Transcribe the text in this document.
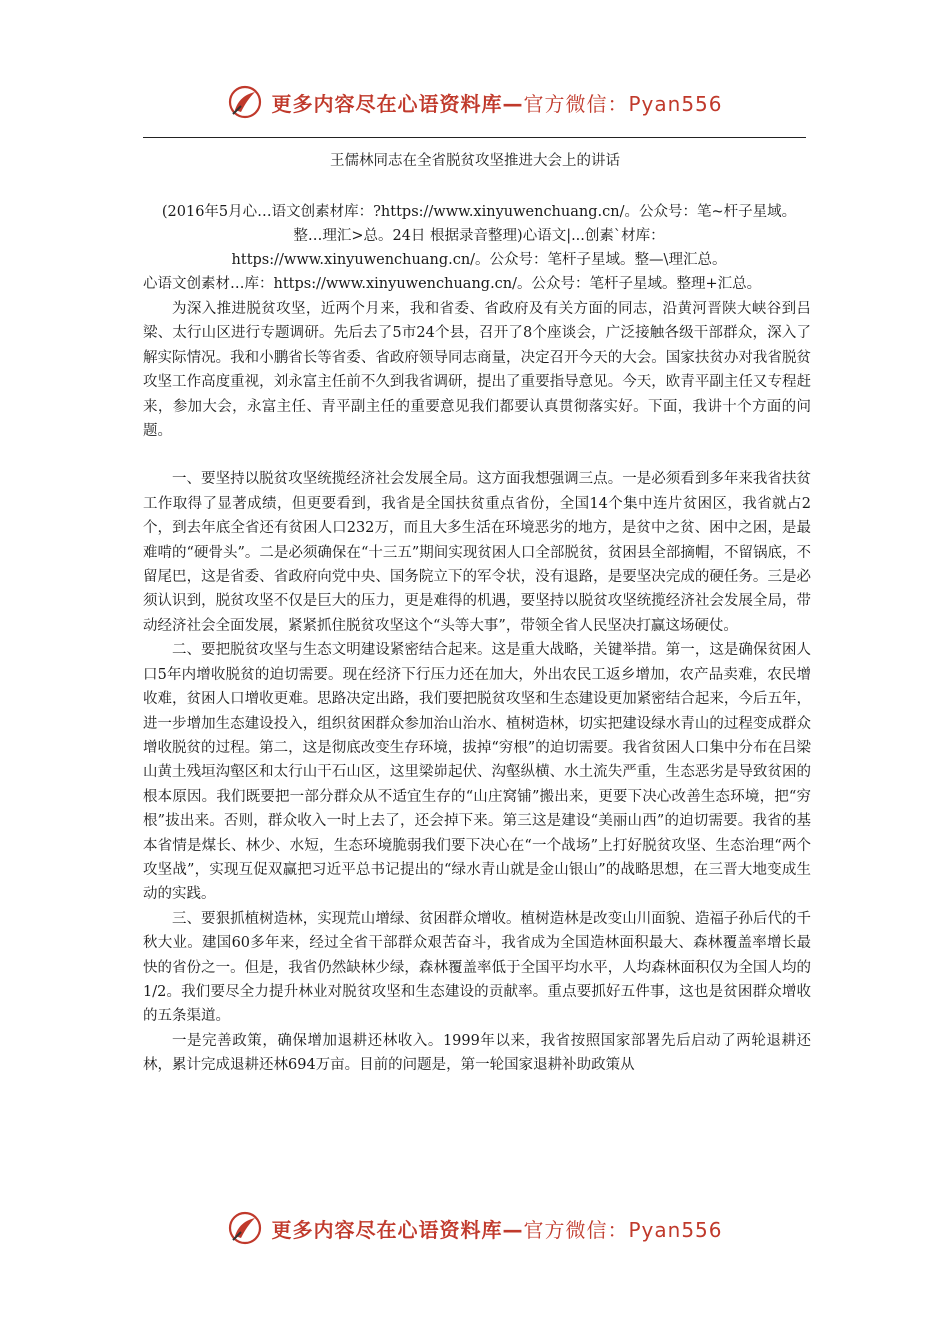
更多内容尽在心语资料库—官方微信：Pyan556
王儒林同志在全省脱贫攻坚推进大会上的讲话
(2016年5月心…语文创素材库：?https://www.xinyuwenchuang.cn/。公众号：笔~杆子星域。
整…理汇>总。24日 根据录音整理)心语文|...创素`材库：
https://www.xinyuwenchuang.cn/。公众号：笔杆子星域。整—\理汇总。
心语文创素材…库：https://www.xinyuwenchuang.cn/。公众号：笔杆子星域。整理+汇总。

为深入推进脱贫攻坚，近两个月来，我和省委、省政府及有关方面的同志，沿黄河晋陕大峡谷到吕梁、太行山区进行专题调研。先后去了5市24个县，召开了8个座谈会，广泛接触各级干部群众，深入了解实际情况。我和小鹏省长等省委、省政府领导同志商量，决定召开今天的大会。国家扶贫办对我省脱贫攻坚工作高度重视，刘永富主任前不久到我省调研，提出了重要指导意见。今天，欧青平副主任又专程赶来，参加大会，永富主任、青平副主任的重要意见我们都要认真贯彻落实好。下面，我讲十个方面的问题。

一、要坚持以脱贫攻坚统揽经济社会发展全局。这方面我想强调三点。一是必须看到多年来我省扶贫工作取得了显著成绩，但更要看到，我省是全国扶贫重点省份，全国14个集中连片贫困区，我省就占2个，到去年底全省还有贫困人口232万，而且大多生活在环境恶劣的地方，是贫中之贫、困中之困，是最难啃的“硬骨头”。二是必须确保在“十三五”期间实现贫困人口全部脱贫，贫困县全部摘帽，不留锅底，不留尾巴，这是省委、省政府向党中央、国务院立下的军令状，没有退路，是要坚决完成的硬任务。三是必须认识到，脱贫攻坚不仅是巨大的压力，更是难得的机遇，要坚持以脱贫攻坚统揽经济社会发展全局，带动经济社会全面发展，紧紧抓住脱贫攻坚这个“头等大事”，带领全省人民坚决打赢这场硬仗。

二、要把脱贫攻坚与生态文明建设紧密结合起来。这是重大战略，关键举措。第一，这是确保贫困人口5年内增收脱贫的迫切需要。现在经济下行压力还在加大，外出农民工返乡增加，农产品卖难，农民增收难，贫困人口增收更难。思路决定出路，我们要把脱贫攻坚和生态建设更加紧密结合起来，今后五年，进一步增加生态建设投入，组织贫困群众参加治山治水、植树造林，切实把建设绿水青山的过程变成群众增收脱贫的过程。第二，这是彻底改变生存环境，拔掉“穷根”的迫切需要。我省贫困人口集中分布在吕梁山黄土残垣沟壑区和太行山干石山区，这里梁峁起伏、沟壑纵横、水土流失严重，生态恶劣是导致贫困的根本原因。我们既要把一部分群众从不适宜生存的“山庄窝铺”搬出来，更要下决心改善生态环境，把“穷根”拔出来。否则，群众收入一时上去了，还会掉下来。第三这是建设“美丽山西”的迫切需要。我省的基本省情是煤长、林少、水短，生态环境脆弱我们要下决心在“一个战场”上打好脱贫攻坚、生态治理“两个攻坚战”，实现互促双赢把习近平总书记提出的“绿水青山就是金山银山”的战略思想，在三晋大地变成生动的实践。

三、要狠抓植树造林，实现荒山增绿、贫困群众增收。植树造林是改变山川面貌、造福子孙后代的千秋大业。建国60多年来，经过全省干部群众艰苦奋斗，我省成为全国造林面积最大、森林覆盖率增长最快的省份之一。但是，我省仍然缺林少绿，森林覆盖率低于全国平均水平，人均森林面积仅为全国人均的1/2。我们要尽全力提升林业对脱贫攻坚和生态建设的贡献率。重点要抓好五件事，这也是贫困群众增收的五条渠道。

一是完善政策，确保增加退耕还林收入。1999年以来，我省按照国家部署先后启动了两轮退耕还林，累计完成退耕还林694万亩。目前的问题是，第一轮国家退耕补助政策从

更多内容尽在心语资料库—官方微信：Pyan556
